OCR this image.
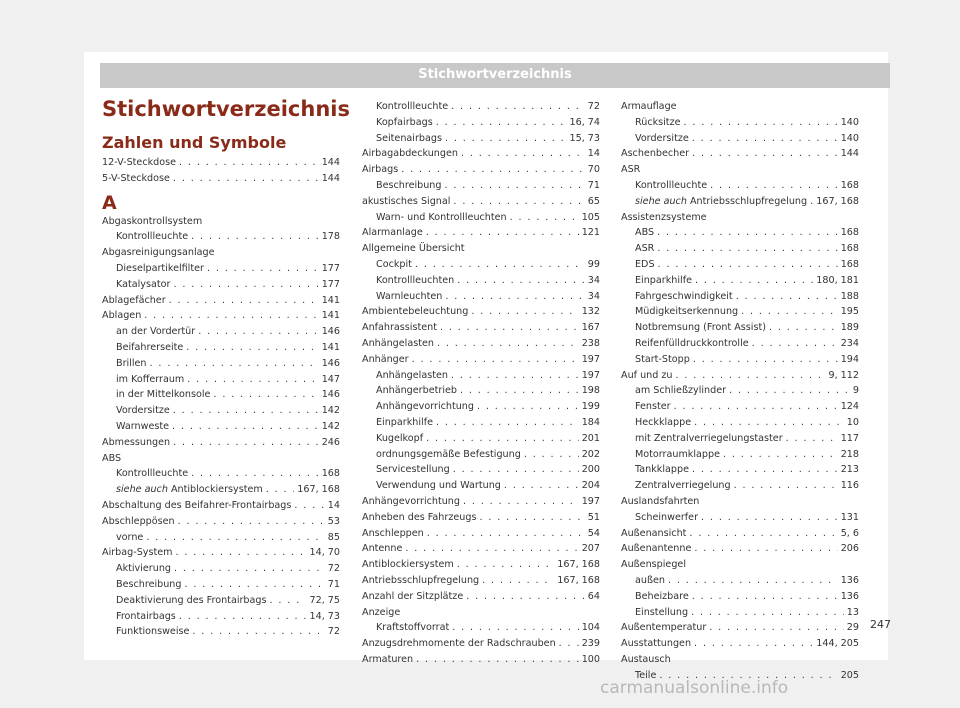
Stichwortverzeichnis
Stichwortverzeichnis
Zahlen und Symbole
12-V-Steckdose . . .	144
5-V-Steckdose . . .	144
A
Abgaskontrollsystem
Kontrollleuchte . . .	178
Abgasreinigungsanlage
Dieselpartikelfilter . . .	177
Katalysator . . .	177
Ablagefächer . . .	141
Ablagen . . .	141
an der Vordertür . . .	146
Beifahrerseite . . .	141
Brillen . . .	146
im Kofferraum . . .	147
in der Mittelkonsole . . .	146
Vordersitze . . .	142
Warnweste . . .	142
Abmessungen . . .	246
ABS
Kontrollleuchte . . .	168
siehe auch Antiblockiersystem . . .	167, 168
Abschaltung des Beifahrer-Frontairbags . . .	14
Abschleppösen . . .	53
vorne . . .	85
Airbag-System . . .	14, 70
Aktivierung . . .	72
Beschreibung . . .	71
Deaktivierung des Frontairbags . . .	72, 75
Frontairbags . . .	14, 73
Funktionsweise . . .	72
Kontrollleuchte . . .	72
Kopfairbags . . .	16, 74
Seitenairbags . . .	15, 73
Airbagabdeckungen . . .	14
Airbags . . .	70
Beschreibung . . .	71
akustisches Signal . . .	65
Warn- und Kontrollleuchten . . .	105
Alarmanlage . . .	121
Allgemeine Übersicht
Cockpit . . .	99
Kontrollleuchten . . .	34
Warnleuchten . . .	34
Ambientebeleuchtung . . .	132
Anfahrassistent . . .	167
Anhängelasten . . .	238
Anhänger . . .	197
Anhängelasten . . .	197
Anhängerbetrieb . . .	198
Anhängevorrichtung . . .	199
Einparkhilfe . . .	184
Kugelkopf . . .	201
ordnungsgemäße Befestigung . . .	202
Servicestellung . . .	200
Verwendung und Wartung . . .	204
Anhängevorrichtung . . .	197
Anheben des Fahrzeugs . . .	51
Anschleppen . . .	54
Antenne . . .	207
Antiblockiersystem . . .	167, 168
Antriebsschlupfregelung . . .	167, 168
Anzahl der Sitzplätze . . .	64
Anzeige
Kraftstoffvorrat . . .	104
Anzugsdrehmomente der Radschrauben . . .	239
Armaturen . . .	100
Armauflage
Rücksitze . . .	140
Vordersitze . . .	140
Aschenbecher . . .	144
ASR
Kontrollleuchte . . .	168
siehe auch Antriebsschlupfregelung . . . 167, 168
Assistenzsysteme
ABS . . .	168
ASR . . .	168
EDS . . .	168
Einparkhilfe . . .	180, 181
Fahrgeschwindigkeit . . .	188
Müdigkeitserkennung . . .	195
Notbremsung (Front Assist) . . .	189
Reifenfülldruckkontrolle . . .	234
Start-Stopp . . .	194
Auf und zu . . .	9, 112
am Schließzylinder . . .	9
Fenster . . .	124
Heckklappe . . .	10
mit Zentralverriegelungstaster . . .	117
Motorraumklappe . . .	218
Tankklappe . . .	213
Zentralverriegelung . . .	116
Auslandsfahrten
Scheinwerfer . . .	131
Außenansicht . . .	5, 6
Außenantenne . . .	206
Außenspiegel
außen . . .	136
Beheizbare . . .	136
Einstellung . . .	13
Außentemperatur . . .	29
Ausstattungen . . .	144, 205
Austausch
Teile . . .	205
247
carmanualsonline.info
